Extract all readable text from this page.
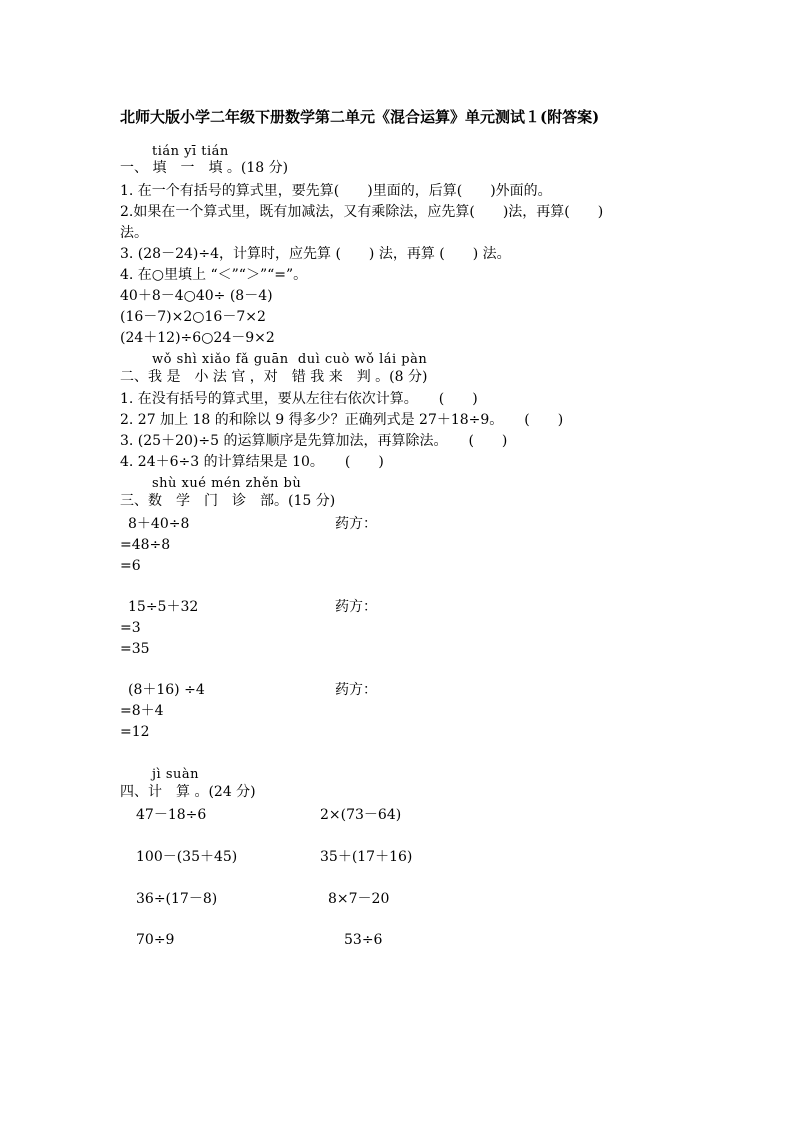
北师大版小学二年级下册数学第二单元《混合运算》单元测试１(附答案)
tián yī tián
一、 填　一　填 。(18 分)
1. 在一个有括号的算式里，要先算(　　)里面的，后算(　　)外面的。
2.如果在一个算式里，既有加减法，又有乘除法，应先算(　　)法，再算(　　)
法。
3. (28－24)÷4，计算时，应先算 (　　) 法，再算 (　　) 法。
4. 在○里填上 “＜”“＞”“=”。
40＋8－4○40÷ (8－4)
(16－7)×2○16－7×2
(24＋12)÷6○24－9×2
wǒ shì xiǎo fǎ guān  duì cuò wǒ lái pàn
二、我 是　小 法 官 ，对　错 我 来　判 。(8 分)
1. 在没有括号的算式里，要从左往右依次计算。　　(　　)
2. 27 加上 18 的和除以 9 得多少？正确列式是 27＋18÷9。　　(　　)
3. (25＋20)÷5 的运算顺序是先算加法，再算除法。　　(　　)
4. 24＋6÷3 的计算结果是 10。　　(　　)
shù xué mén zhěn bù
三、数　学　门　诊　部。(15 分)
8＋40÷8	药方：
=48÷8
=6
15÷5＋32	药方：
=3
=35
(8＋16) ÷4	药方：
=8＋4
=12
jì suàn
四、计　算 。(24 分)
47－18÷6	2×(73－64)
100－(35＋45)	35＋(17＋16)
36÷(17－8)	8×7－20
70÷9	53÷6
